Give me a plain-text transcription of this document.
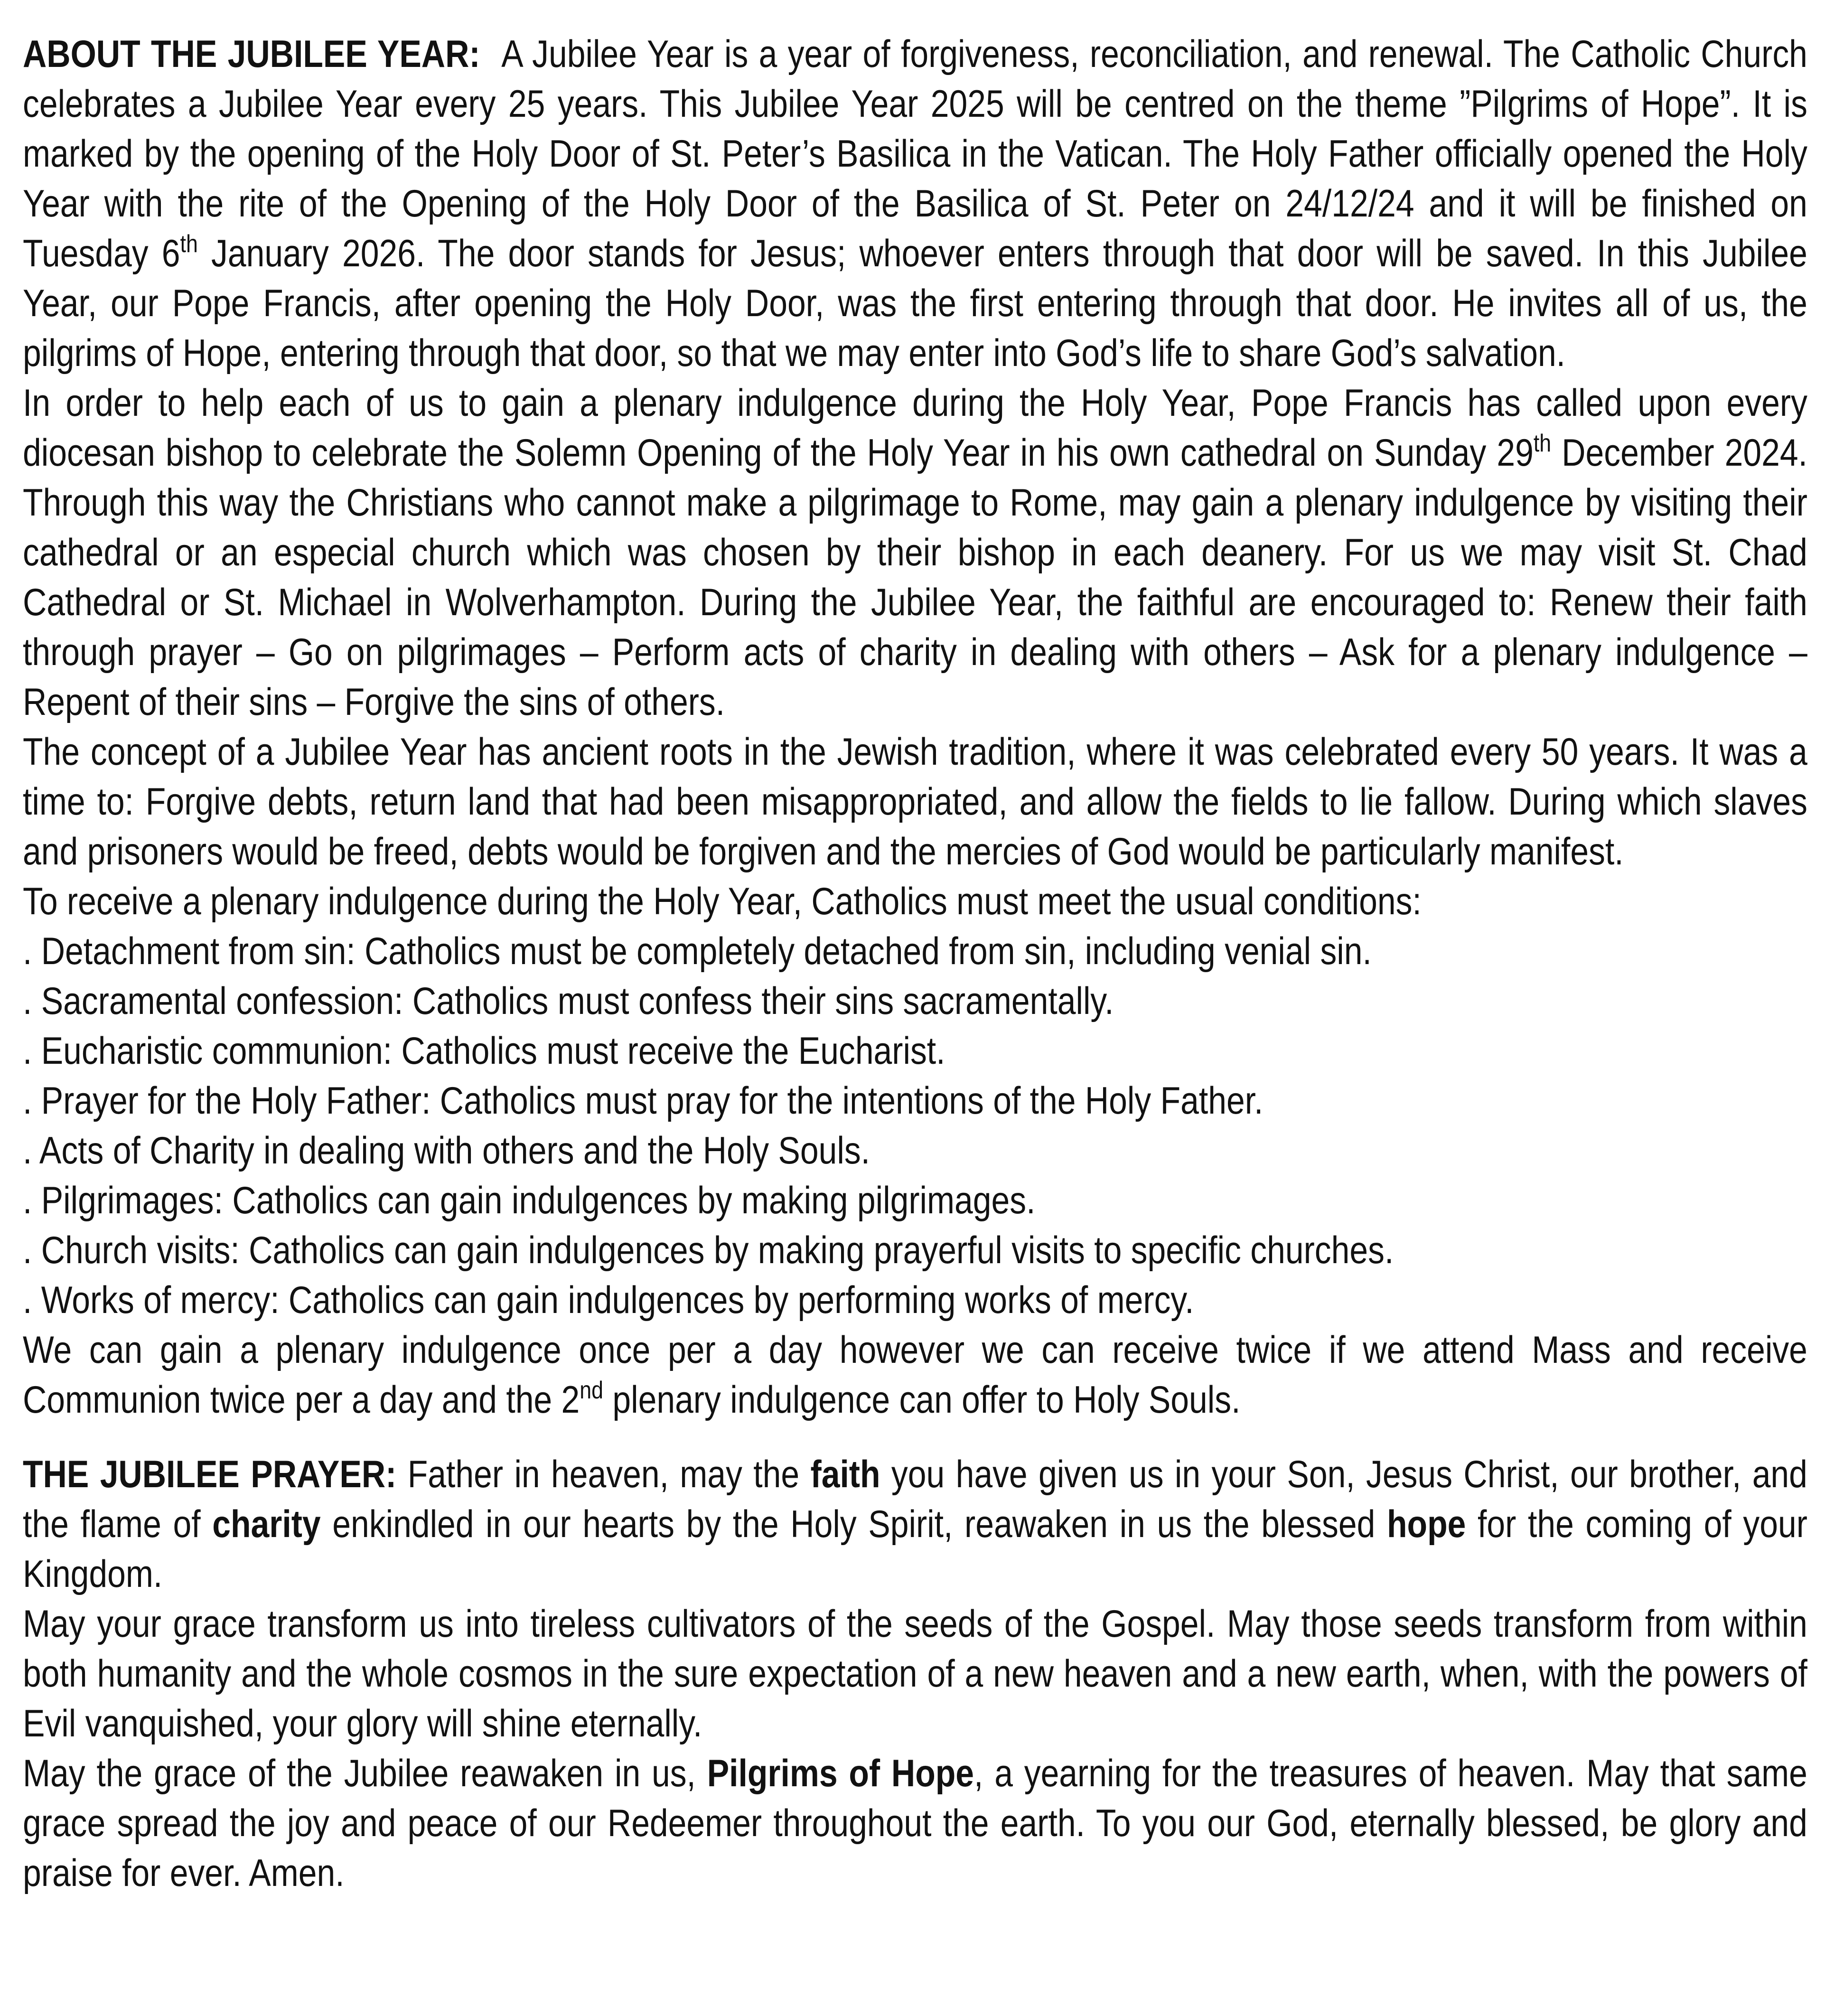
ABOUT THE JUBILEE YEAR: A Jubilee Year is a year of forgiveness, reconciliation, and renewal. The Catholic Church celebrates a Jubilee Year every 25 years. This Jubilee Year 2025 will be centred on the theme ”Pilgrims of Hope”. It is marked by the opening of the Holy Door of St. Peter’s Basilica in the Vatican. The Holy Father officially opened the Holy Year with the rite of the Opening of the Holy Door of the Basilica of St. Peter on 24/12/24 and it will be finished on Tuesday 6th January 2026. The door stands for Jesus; whoever enters through that door will be saved. In this Jubilee Year, our Pope Francis, after opening the Holy Door, was the first entering through that door. He invites all of us, the pilgrims of Hope, entering through that door, so that we may enter into God’s life to share God’s salvation.

In order to help each of us to gain a plenary indulgence during the Holy Year, Pope Francis has called upon every diocesan bishop to celebrate the Solemn Opening of the Holy Year in his own cathedral on Sunday 29th December 2024. Through this way the Christians who cannot make a pilgrimage to Rome, may gain a plenary indulgence by visiting their cathedral or an especial church which was chosen by their bishop in each deanery. For us we may visit St. Chad Cathedral or St. Michael in Wolverhampton. During the Jubilee Year, the faithful are encouraged to: Renew their faith through prayer – Go on pilgrimages – Perform acts of charity in dealing with others – Ask for a plenary indulgence – Repent of their sins – Forgive the sins of others.

The concept of a Jubilee Year has ancient roots in the Jewish tradition, where it was celebrated every 50 years. It was a time to: Forgive debts, return land that had been misappropriated, and allow the fields to lie fallow. During which slaves and prisoners would be freed, debts would be forgiven and the mercies of God would be particularly manifest.

To receive a plenary indulgence during the Holy Year, Catholics must meet the usual conditions:

. Detachment from sin: Catholics must be completely detached from sin, including venial sin.
. Sacramental confession: Catholics must confess their sins sacramentally.
. Eucharistic communion: Catholics must receive the Eucharist.
. Prayer for the Holy Father: Catholics must pray for the intentions of the Holy Father.
. Acts of Charity in dealing with others and the Holy Souls.
. Pilgrimages: Catholics can gain indulgences by making pilgrimages.
. Church visits: Catholics can gain indulgences by making prayerful visits to specific churches.
. Works of mercy: Catholics can gain indulgences by performing works of mercy.

We can gain a plenary indulgence once per a day however we can receive twice if we attend Mass and receive Communion twice per a day and the 2nd plenary indulgence can offer to Holy Souls.

THE JUBILEE PRAYER: Father in heaven, may the faith you have given us in your Son, Jesus Christ, our brother, and the flame of charity enkindled in our hearts by the Holy Spirit, reawaken in us the blessed hope for the coming of your Kingdom.

May your grace transform us into tireless cultivators of the seeds of the Gospel. May those seeds transform from within both humanity and the whole cosmos in the sure expectation of a new heaven and a new earth, when, with the powers of Evil vanquished, your glory will shine eternally.

May the grace of the Jubilee reawaken in us, Pilgrims of Hope, a yearning for the treasures of heaven. May that same grace spread the joy and peace of our Redeemer throughout the earth. To you our God, eternally blessed, be glory and praise for ever. Amen.
